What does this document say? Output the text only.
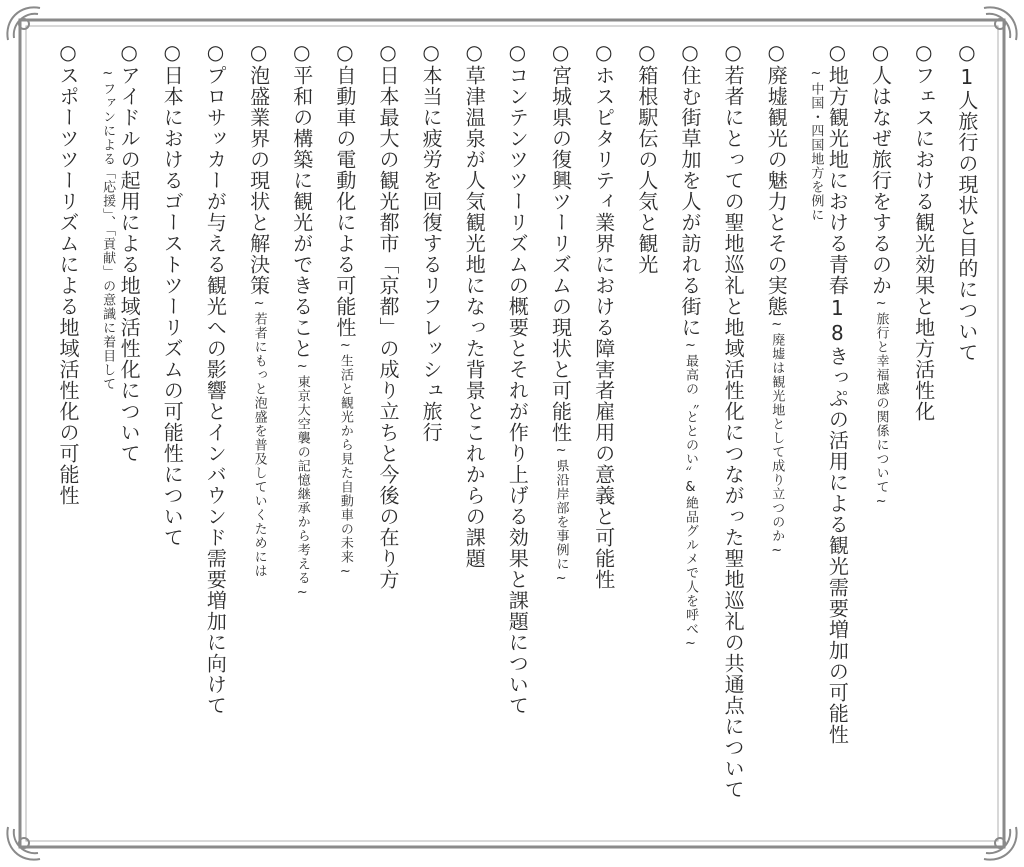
○1人旅行の現状と目的について
○フェスにおける観光効果と地方活性化
○人はなぜ旅行をするのか~旅行と幸福感の関係について~
○地方観光地における青春18きっぷの活用による観光需要増加の可能性
~中国・四国地方を例に
○廃墟観光の魅力とその実態~廃墟は観光地として成り立つのか~
○若者にとっての聖地巡礼と地域活性化につながった聖地巡礼の共通点について
○住む街草加を人が訪れる街に~最高の〝ととのい〟&絶品グルメで人を呼べ~
○箱根駅伝の人気と観光
○ホスピタリティ業界における障害者雇用の意義と可能性
○宮城県の復興ツーリズムの現状と可能性~県沿岸部を事例に~
○コンテンツツーリズムの概要とそれが作り上げる効果と課題について
○草津温泉が人気観光地になった背景とこれからの課題
○本当に疲労を回復するリフレッシュ旅行
○日本最大の観光都市「京都」の成り立ちと今後の在り方
○自動車の電動化による可能性~生活と観光から見た自動車の未来~
○平和の構築に観光ができること~東京大空襲の記憶継承から考える~
○泡盛業界の現状と解決策~若者にもっと泡盛を普及していくためには
○プロサッカーが与える観光への影響とインバウンド需要増加に向けて
○日本におけるゴーストツーリズムの可能性について
○アイドルの起用による地域活性化について
~ファンによる「応援」、「貢献」の意識に着目して
○スポーツツーリズムによる地域活性化の可能性
